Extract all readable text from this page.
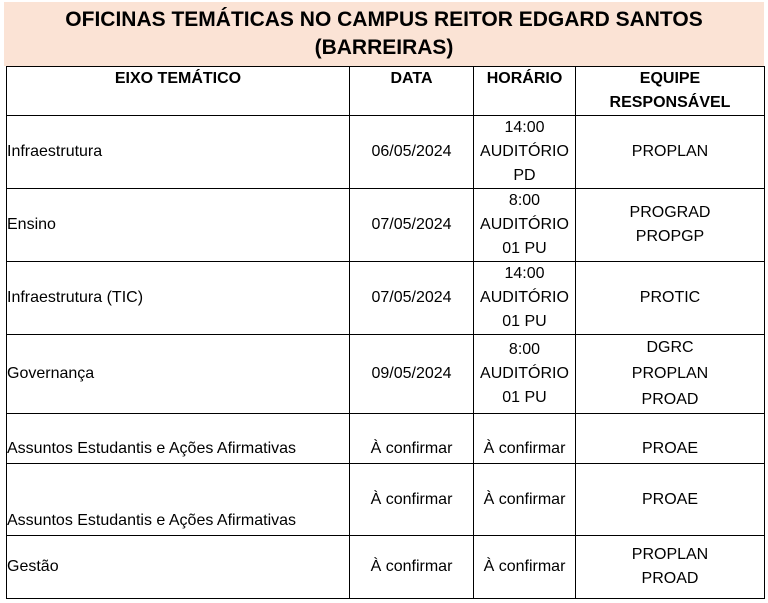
OFICINAS TEMÁTICAS NO CAMPUS REITOR EDGARD SANTOS
(BARREIRAS)
EIXO TEMÁTICO	DATA	HORÁRIO	EQUIPE
RESPONSÁVEL

Infraestrutura	06/05/2024	14:00
AUDITÓRIO
PD	PROPLAN

Ensino	07/05/2024	8:00
AUDITÓRIO
01 PU	PROGRAD
PROPGP

Infraestrutura (TIC)	07/05/2024	14:00
AUDITÓRIO
01 PU	PROTIC

Governança	09/05/2024	8:00
AUDITÓRIO
01 PU	DGRC
PROPLAN
PROAD

Assuntos Estudantis e Ações Afirmativas	À confirmar	À confirmar	PROAE

Assuntos Estudantis e Ações Afirmativas	À confirmar	À confirmar	PROAE

Gestão	À confirmar	À confirmar	PROPLAN
PROAD
